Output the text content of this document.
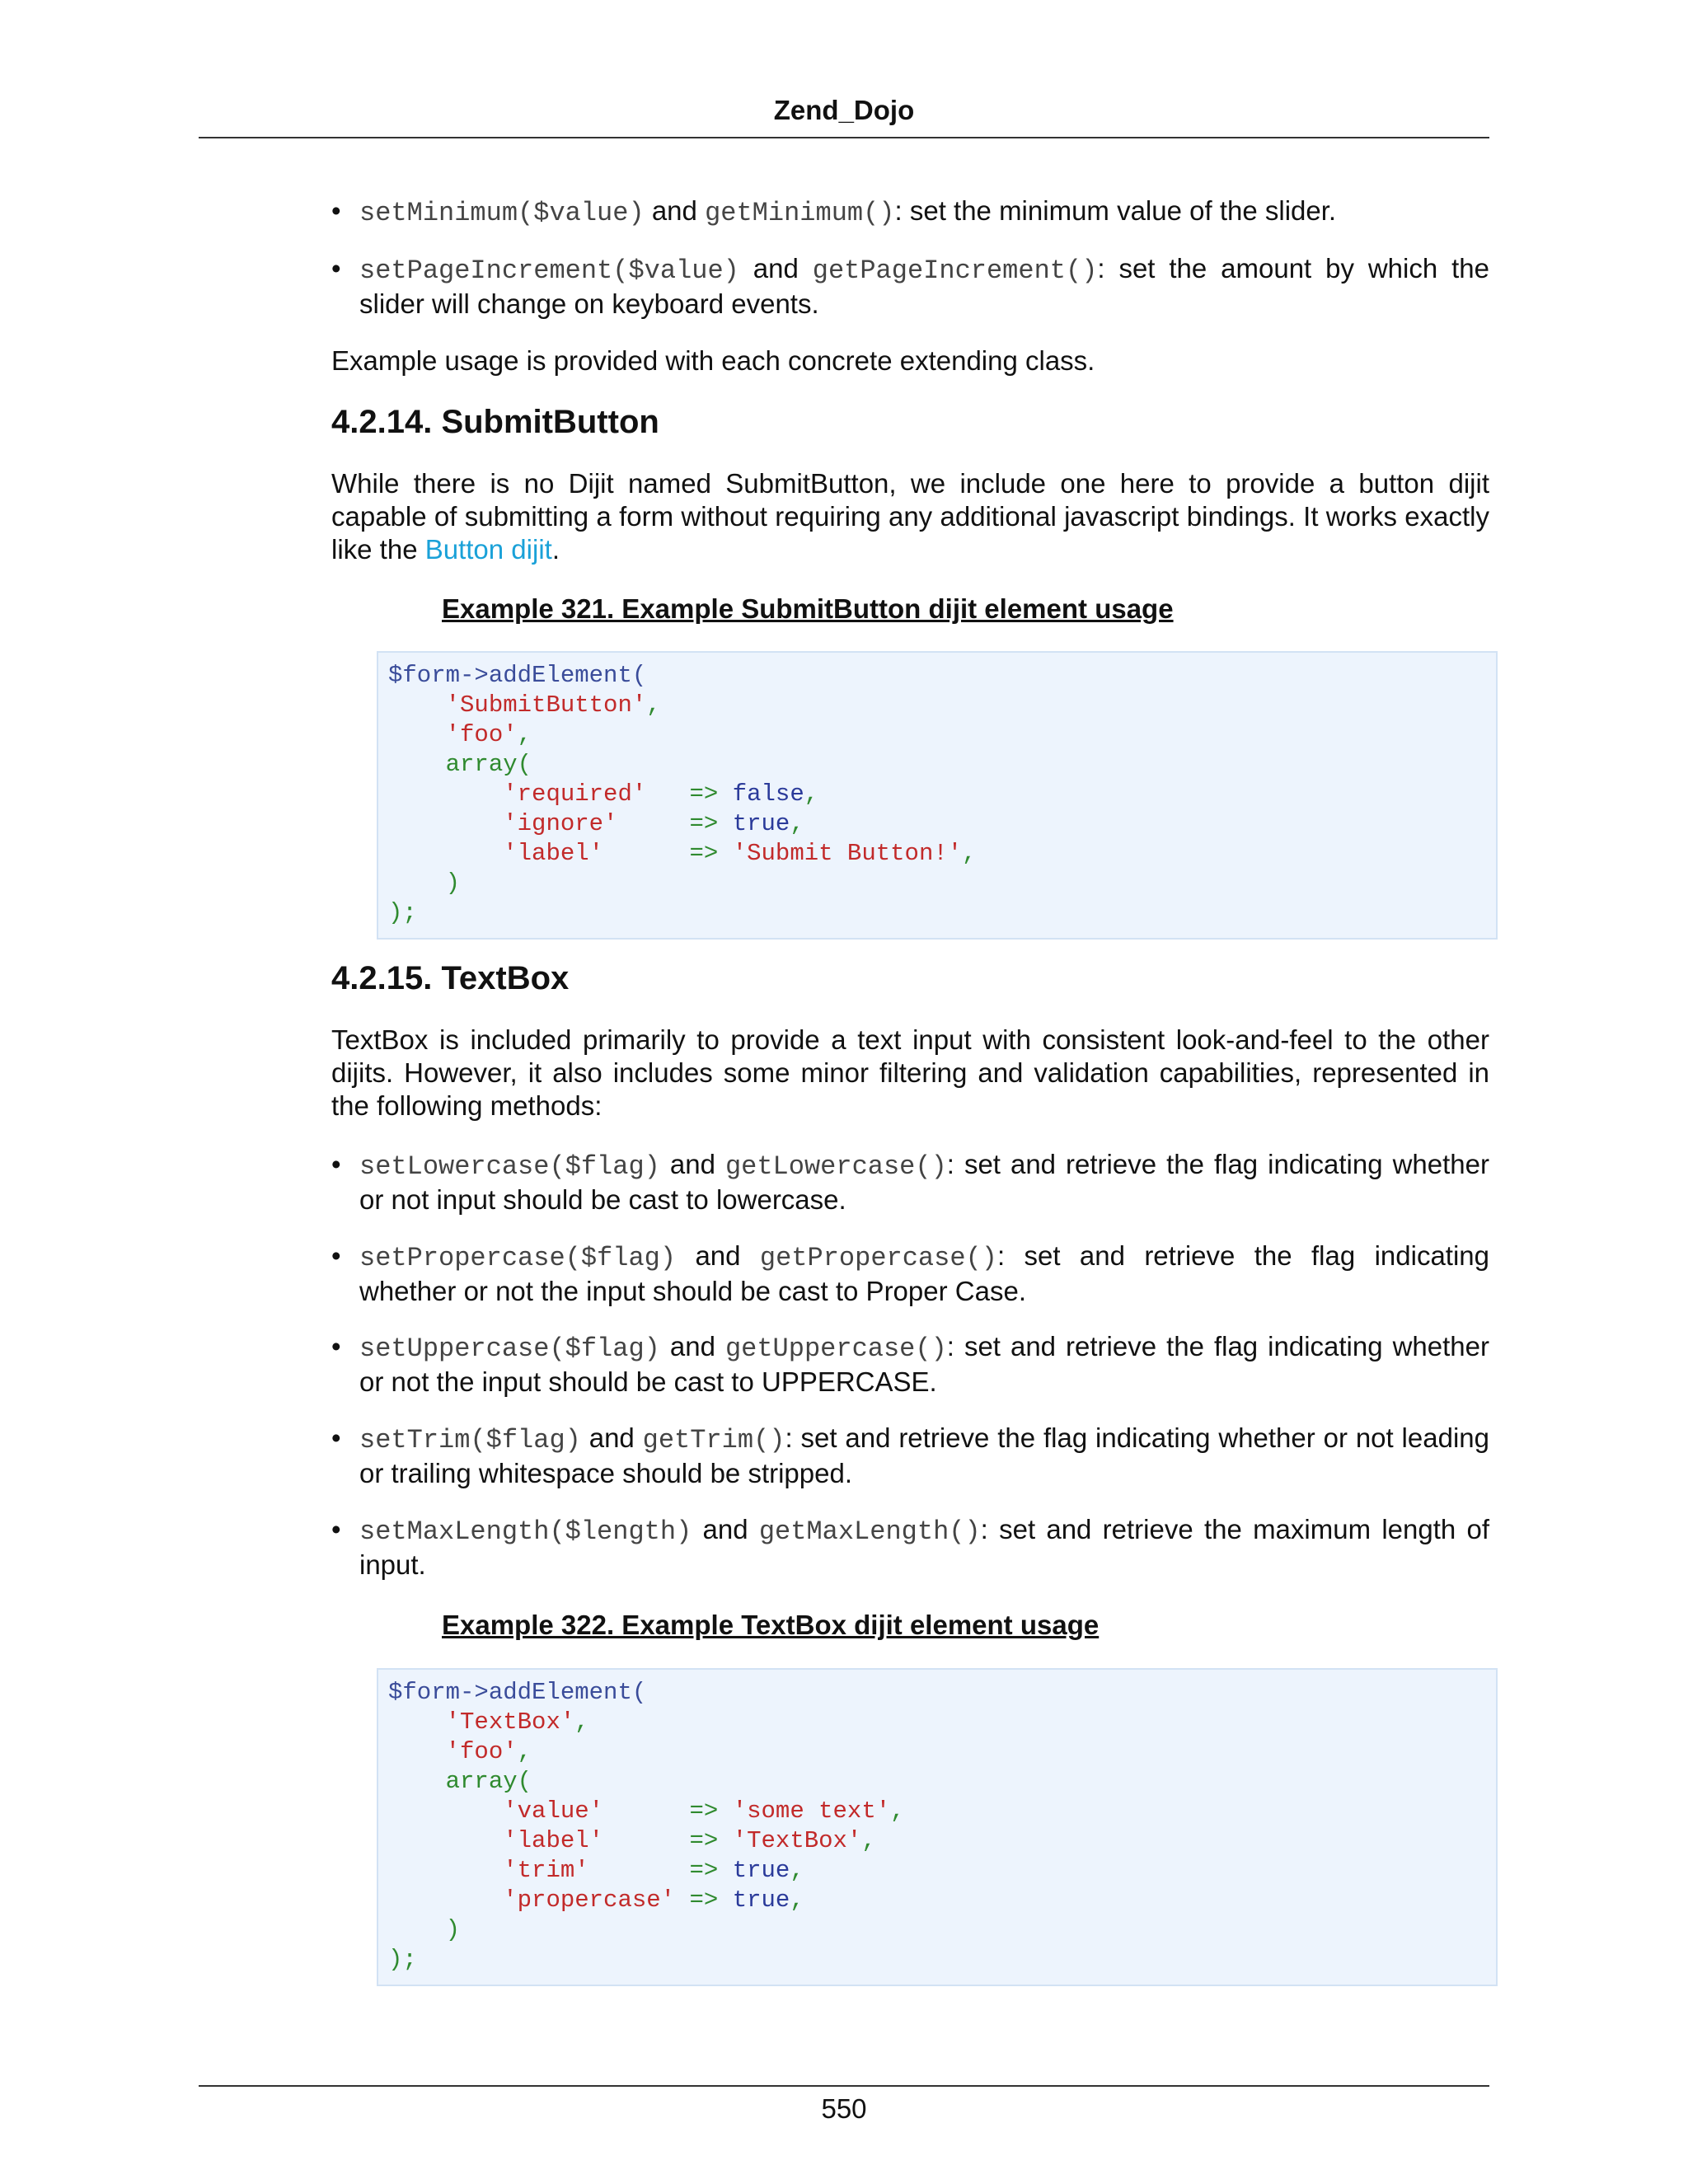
Zend_Dojo
• setMinimum($value) and getMinimum(): set the minimum value of the slider.
• setPageIncrement($value) and getPageIncrement(): set the amount by which the slider will change on keyboard events.
Example usage is provided with each concrete extending class.
4.2.14. SubmitButton
While there is no Dijit named SubmitButton, we include one here to provide a button dijit capable of submitting a form without requiring any additional javascript bindings. It works exactly like the Button dijit.
Example 321. Example SubmitButton dijit element usage
$form->addElement(
'SubmitButton',
'foo',
array(
'required' => false,
'ignore'	=> true,
'label'	=> 'Submit Button!',
)
);
4.2.15. TextBox
TextBox is included primarily to provide a text input with consistent look-and-feel to the other dijits. However, it also includes some minor filtering and validation capabilities, represented in the following methods:
• setLowercase($flag) and getLowercase(): set and retrieve the flag indicating whether or not input should be cast to lowercase.
• setPropercase($flag) and getPropercase(): set and retrieve the flag indicating whether or not the input should be cast to Proper Case.
• setUppercase($flag) and getUppercase(): set and retrieve the flag indicating whether or not the input should be cast to UPPERCASE.
• setTrim($flag) and getTrim(): set and retrieve the flag indicating whether or not leading or trailing whitespace should be stripped.
• setMaxLength($length) and getMaxLength(): set and retrieve the maximum length of input.
Example 322. Example TextBox dijit element usage
$form->addElement(
'TextBox',
'foo',
array(
'value'	=> 'some text',
'label'	=> 'TextBox',
'trim'	=> true,
'propercase' => true,
)
);
550
